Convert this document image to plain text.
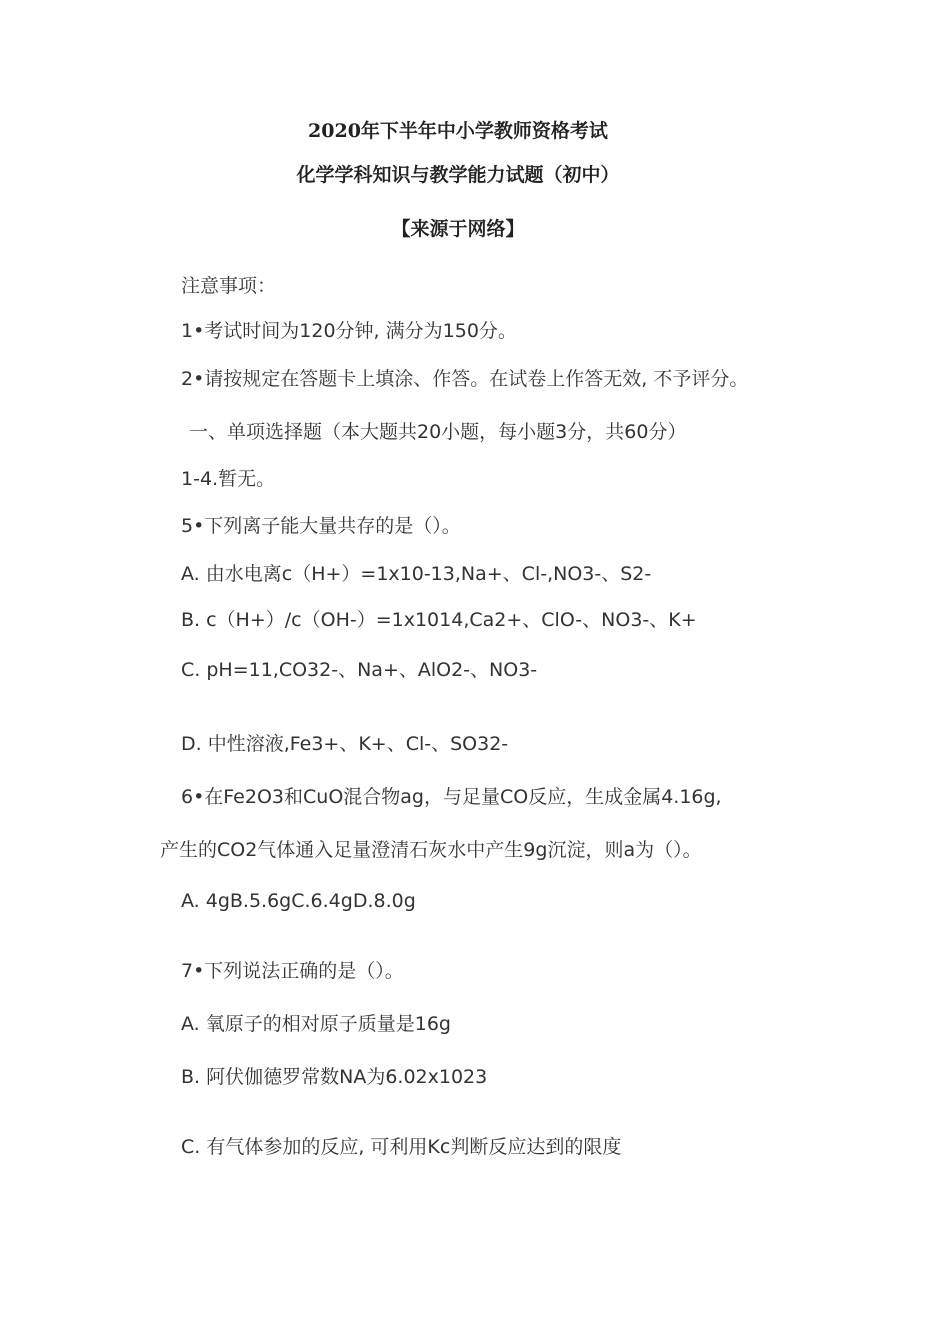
2020年下半年中小学教师资格考试
化学学科知识与教学能力试题（初中）
【来源于网络】
注意事项：
1•考试时间为120分钟, 满分为150分。
2•请按规定在答题卡上填涂、作答。在试卷上作答无效, 不予评分。
一、单项选择题（本大题共20小题，每小题3分，共60分）
1-4.暂无。
5•下列离子能大量共存的是（）。
A. 由水电离c（H+）=1x10-13,Na+、Cl-,NO3-、S2-
B. c（H+）/c（OH-）=1x1014,Ca2+、ClO-、NO3-、K+
C. pH=11,CO32-、Na+、AlO2-、NO3-
D. 中性溶液,Fe3+、K+、Cl-、SO32-
6•在Fe2O3和CuO混合物ag，与足量CO反应，生成金属4.16g,
产生的CO2气体通入足量澄清石灰水中产生9g沉淀，则a为（）。
A. 4gB.5.6gC.6.4gD.8.0g
7•下列说法正确的是（）。
A. 氧原子的相对原子质量是16g
B. 阿伏伽德罗常数NA为6.02x1023
C. 有气体参加的反应, 可利用Kc判断反应达到的限度
